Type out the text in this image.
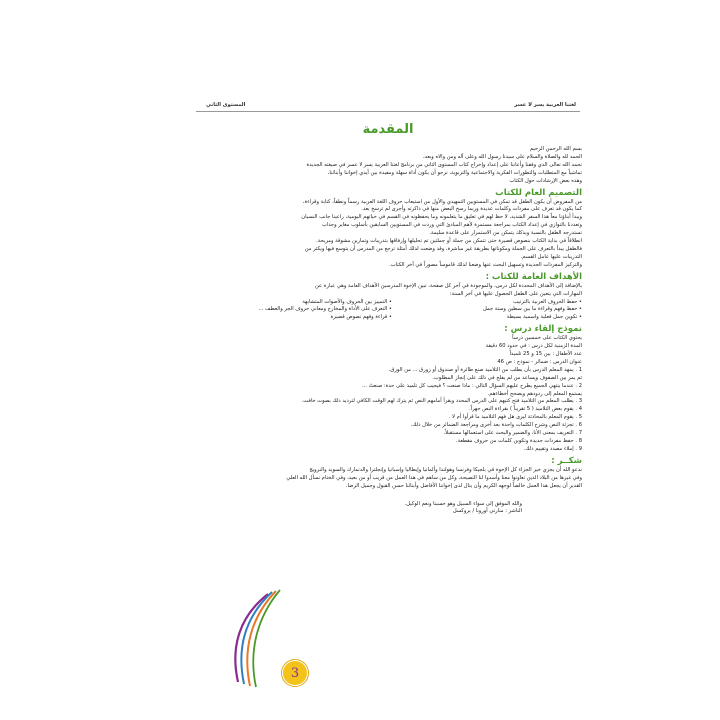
لغتنا العربية يسر لا عسر
المستوى الثاني
المقدمة

بسم الله الرحمن الرحيم

الحمد لله والصلاة والسلام على سيدنا رسول الله وعلى آله ومن والاه وبعد،

نحمد الله تعالى الذي وفقنا وأعاننا على إعداد وإخراج كتاب المستوى الثاني من برنامج لغتنا العربية يسر لا عسر في صيغته الجديدة

تماشياً مع المتطلبات والتطورات الفكرية والاجتماعية والتربوية، نرجو أن يكون أداة سهلة ومفيدة بين أيدي إخواننا وأبنائنا،

وهذه بعض الإرشادات حول الكتاب

التصميم العام للكتاب

من المفروض أن يكون الطفل قد تمكن في المستويين التمهيدي والأول من استيعاب حروف اللغة العربية رسماً ونطقاً، كتابة وقراءة،

كما يكون قد تعرف على مفردات وكلمات عديدة وربما رسخ البعض منها في ذاكرته وأجرى لم ترسخ بعد.

ويبدأ أبناؤنا معاً هذا السفر الشديد، لا حظ لهم في تعليق ما يتعلمونه وما يحفظونه في القسم في حياتهم اليومية، راعينا جانب النسيان

وتعددنا بالتوازي في إعداد الكتاب بمراجعة مستمرة لأهم المبادئ التي وردت في المستويين السابقين بأسلوب مغاير وجذاب

تستدرجه الطفل بالنسبة ويذكك يتمكن من الاستمرار على قاعدة سليمة.

انطلاقاً في بداية الكتاب بنصوص قصيرة حتى تتمكن من جملة أو جملتين تم تحليلها وإرفاقها بتدريبات وتمارين مشوقة ومريحة.

فالطفل يبدأ بالتعرف على الجملة ومكوناتها بطريقة غير مباشرة، وقد وضعت لذلك أمثلة ترجع من المدرس أن يتوسع فيها ويكثر من

التدريبات عليها عامل القسم.

والتركيز المفردات الجديدة وتسهيل البحث عنها وضعنا لذلك قاموساً مصوراً في آخر الكتاب.

الأهداف العامة للكتاب :

بالإضافة إلى الأهداف المحددة لكل درس، والموجودة في آخر كل صفحة، تبين الإخوة المدرسين الأهداف العامة وهي عبارة عن

المهارات التي يتعين على الطفل الحصول عليها في آخر السنة:

• حفظ الحروف العربية بالترتيب
• حفظ وفهم وقراءة ما بين سطين وستة جمل
• تكوين جمل فعلية واسمية بسيطة
• التمييز بين الحروف والأصوات المتشابهة
• التعرف على الأداة والمخارج ومعاني حروف الجر والعطف ...
• قراءة وفهم نصوص قصيرة
نموذج إلقاء درس :

يحتوي الكتاب على خمسين درساً

المدة الزمنية لكل درس : في حدود 60 دقيقة

عدد الأطفال : بين 15 و 25 تلميذاً

عنوان الدرس : ضمائر - نموذج : ص 46

1 . يمهد المعلم الدرس بأن يطلب من التلاميذ صنع طائرة أو صندوق أو زورق ... من الورق.

ثم يمر بين الصفوف ويساعد من لم يفلح في ذلك على إنجاز المطلوب.

2 . عندما ينتهي الجميع يطرح عليهم السؤال التالي : ماذا صنعت ؟ فيجيب كل تلميذ على حدة: صنعتُ ...

يستمع المعلم إلى ردودهم ويصحح أخطاءهم.

3 . يطلب المعلم من التلاميذ فتح كتبهم على الدرس المحدد ويقرأ أمامهم النص ثم يترك لهم الوقت الكافي لترديد ذلك بصوت خافت.

4 . يقوم بعض التلاميذ ( 5 تقريباً ) بقراءة النص جهراً.

5 . يقوم المعلم بالمحادثة ليرى هل فهم التلاميذ ما قرأوا أم لا .

6 . تجزئة النص وشرح الكلمات واحدة بعد أخرى ومراجعة الضمائر من خلال ذلك.

7 . التعريف بمعنى الأنا، والضمير والبحث على استعمالها مستقبلاً.

8 . حفظ مفردات جديدة وتكوين كلمات من حروف مقطعة.

9 . إملاء مصدد وتقييم ذلك.

شكــر :

ندعو الله أن يجزي خير الجزاء كل الإخوة في بلجيكا وفرنسا وهولندا وألمانيا وإيطاليا وإسبانيا وإنجلترا والدنمارك والسويد والنرويج

وفي غيرها من البلاد الذين تعاونوا معنا وأسدوا لنا النصيحة، وكل من ساهم في هذا العمل من قريب أو من بعيد، وفي الختام نسأل الله العلي

القدير أن يجعل هذا العمل خالصاً لوجهه الكريم وأن ينال لدى إخواننا الأفاضل وأبنائنا حسن القبول وجميل الرضا.

والله الموفق إلى سواء السبيل وهو حسبنا ونعم الوكيل.

الناشر : منارتي أوروبا / بروكسل

3
